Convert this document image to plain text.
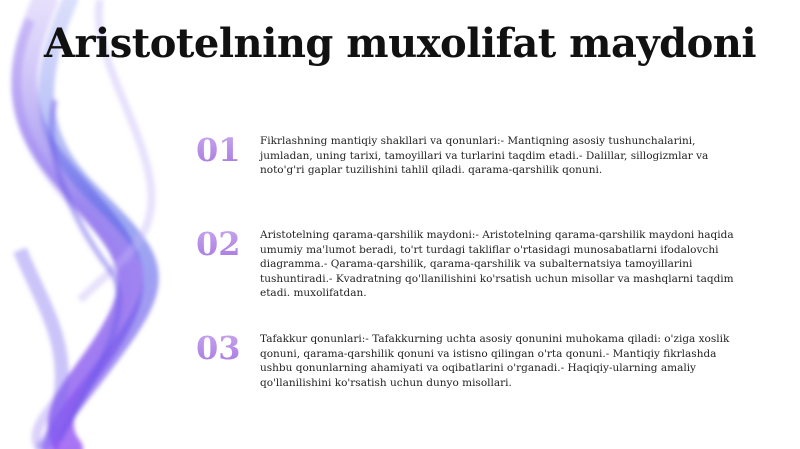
Aristotelning muxolifat maydoni
01 Fikrlashning mantiqiy shakllari va qonunlari:- Mantiqning asosiy tushunchalarini, jumladan, uning tarixi, tamoyillari va turlarini taqdim etadi.- Dalillar, sillogizmlar va noto'g'ri gaplar tuzilishini tahlil qiladi. qarama-qarshilik qonuni.

02 Aristotelning qarama-qarshilik maydoni:- Aristotelning qarama-qarshilik maydoni haqida umumiy ma'lumot beradi, to'rt turdagi takliflar o'rtasidagi munosabatlarni ifodalovchi diagramma.- Qarama-qarshilik, qarama-qarshilik va subalternatsiya tamoyillarini tushuntiradi.- Kvadratning qo'llanilishini ko'rsatish uchun misollar va mashqlarni taqdim etadi. muxolifatdan.

03 Tafakkur qonunlari:- Tafakkurning uchta asosiy qonunini muhokama qiladi: o'ziga xoslik qonuni, qarama-qarshilik qonuni va istisno qilingan o'rta qonuni.- Mantiqiy fikrlashda ushbu qonunlarning ahamiyati va oqibatlarini o'rganadi.- Haqiqiy-ularning amaliy qo'llanilishini ko'rsatish uchun dunyo misollari.
